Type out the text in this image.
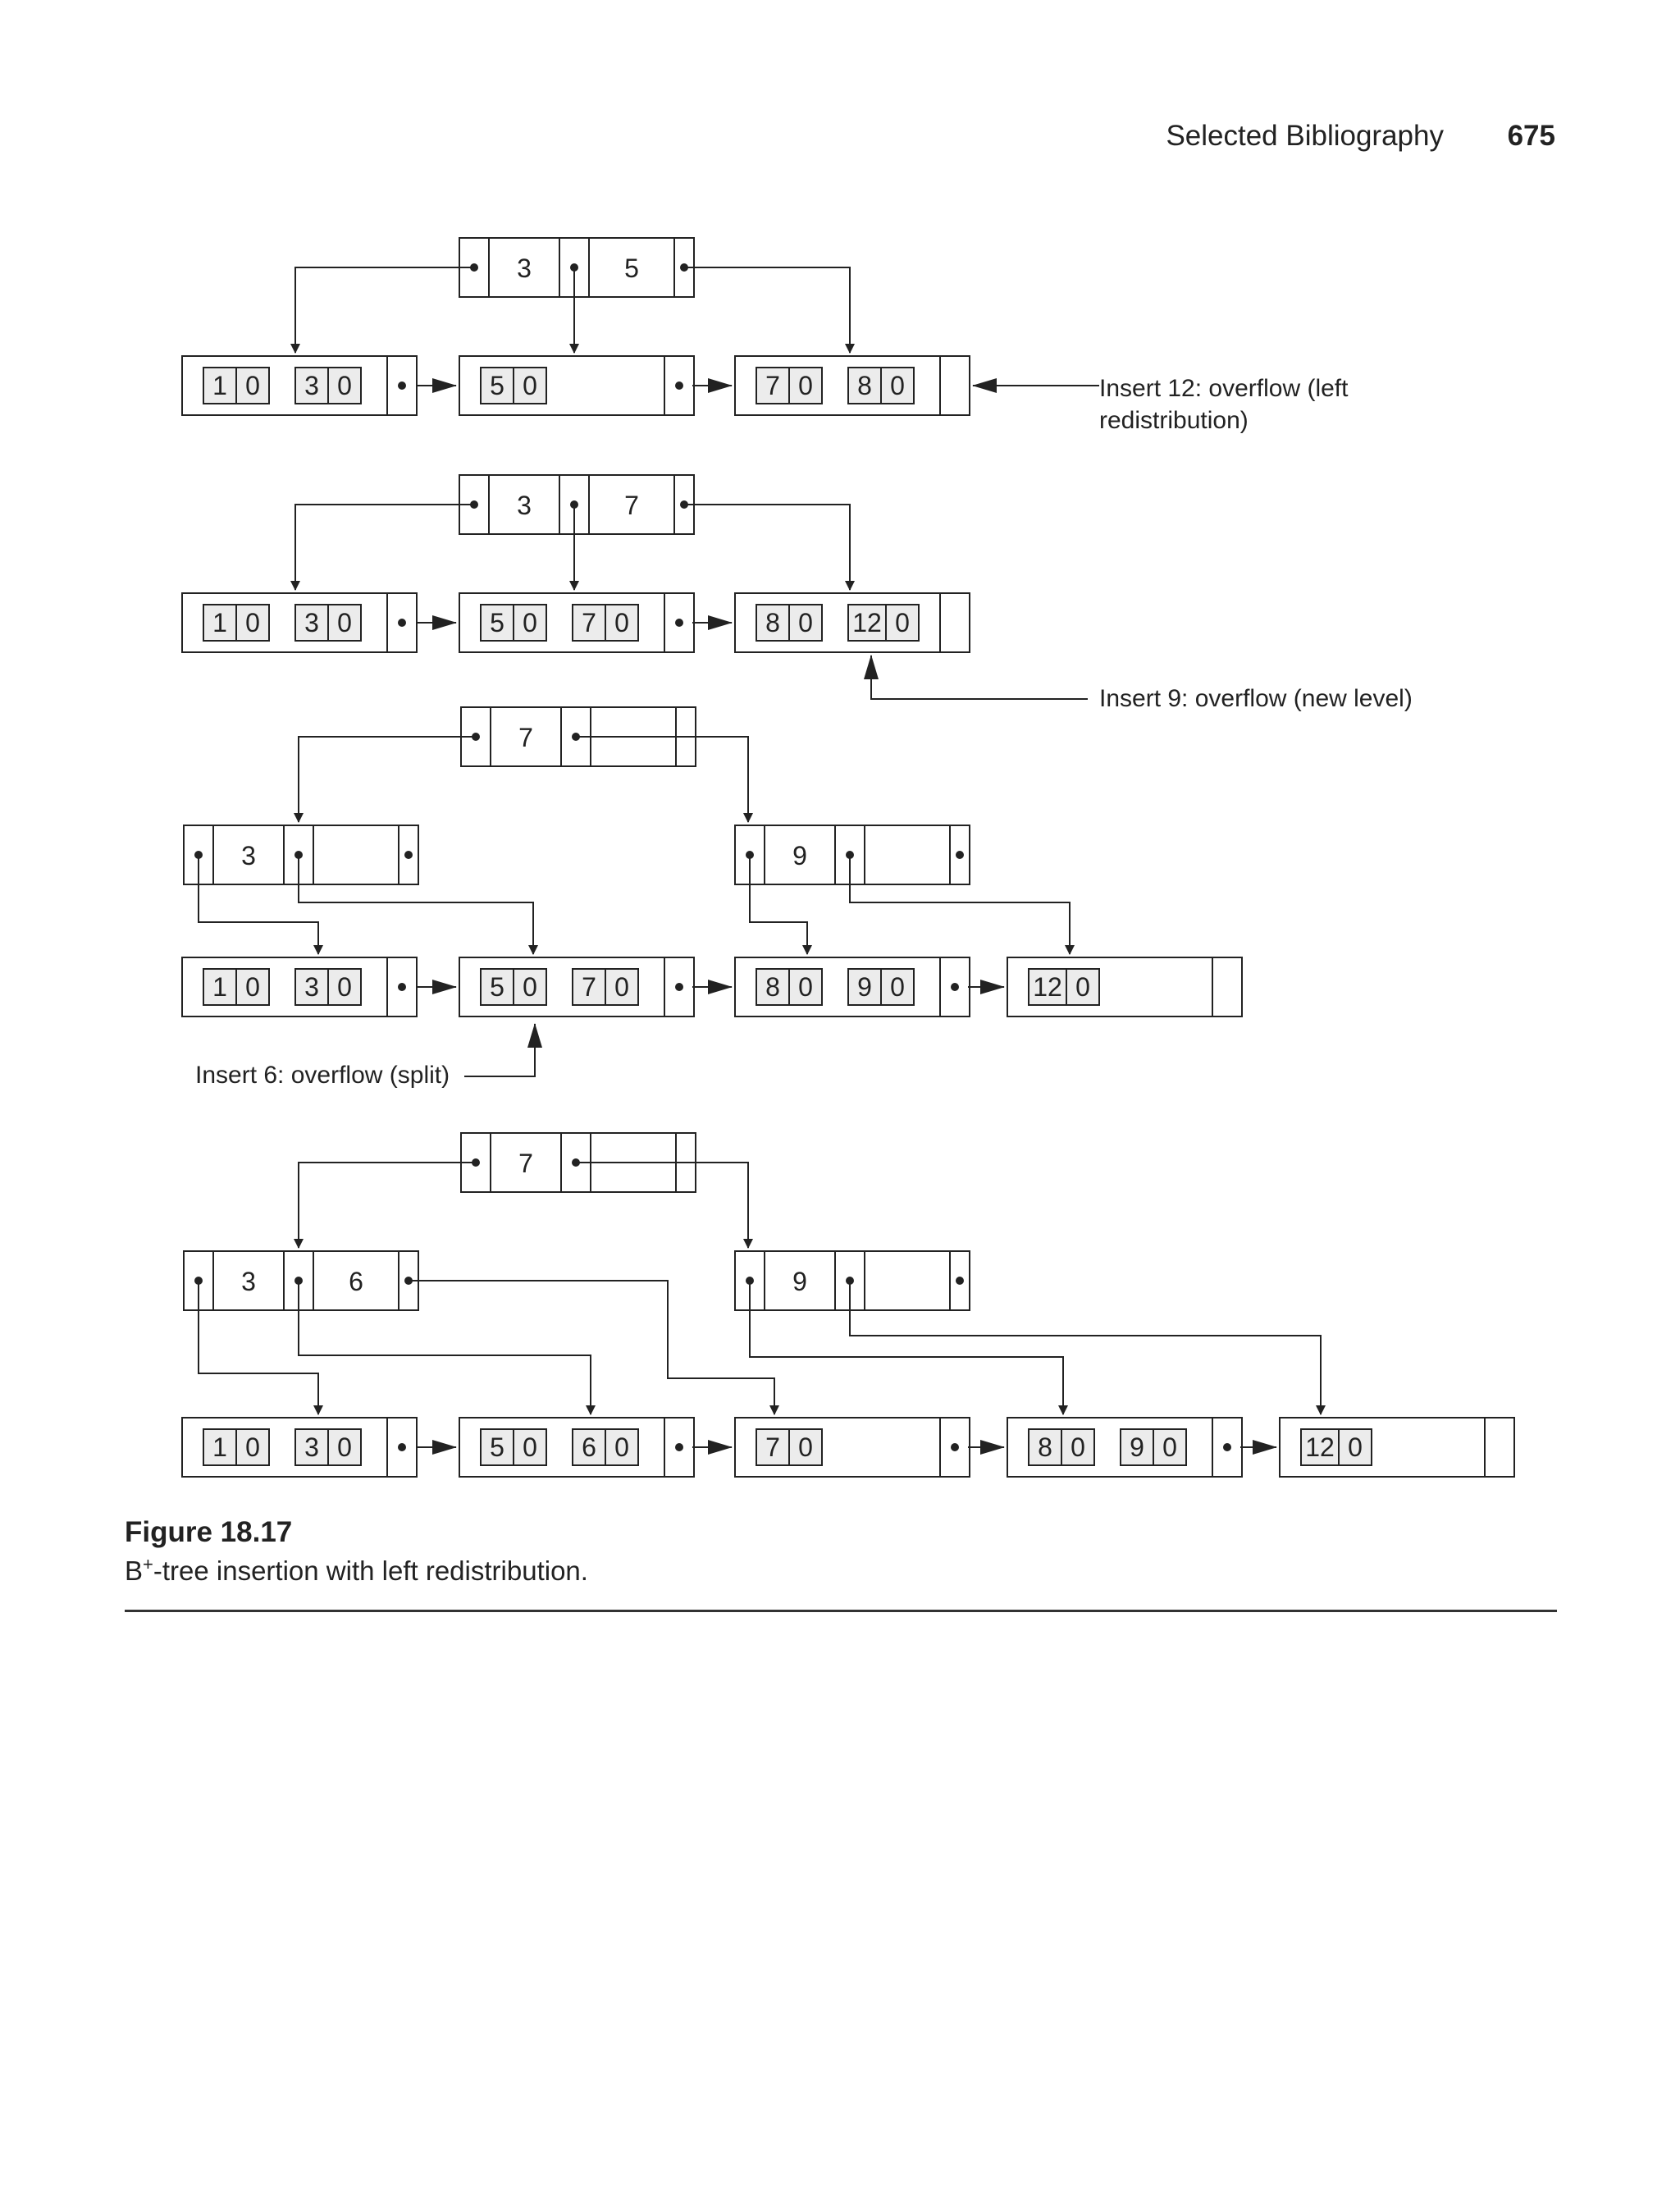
Selected Bibliography 675
3	5
1 0 3 0	5 0	7 0 8 0
3	7
1 0 3 0	5 0 7 0	8 0 12 0
7
3	9
1 0 3 0	5 0 7 0	8 0 9 0	12 0
7
3	6	9
1 0 3 0	5 0 6 0	7 0	8 0 9 0	12 0
Insert 12: overflow (left
redistribution)
Insert 9: overflow (new level)
Insert 6: overflow (split)
Figure 18.17
B+-tree insertion with left redistribution.
